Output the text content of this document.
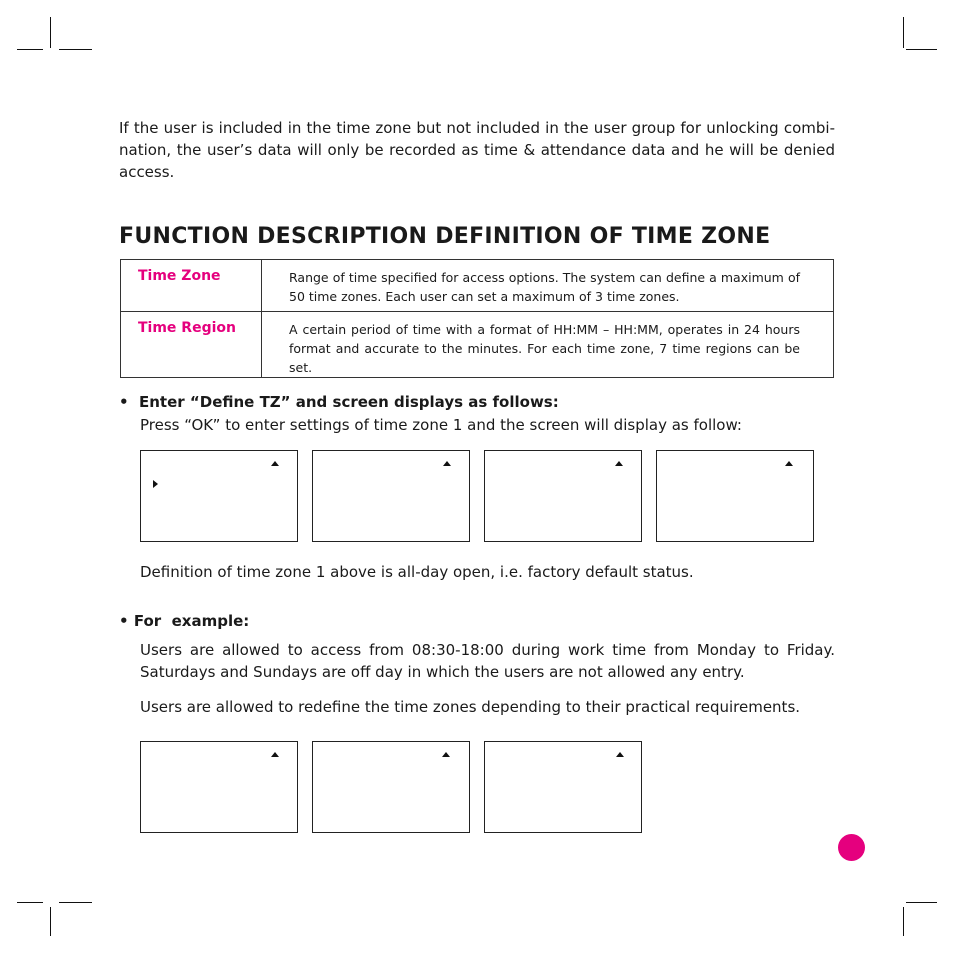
If the user is included in the time zone but not included in the user group for unlocking combi-nation, the user’s data will only be recorded as time & attendance data and he will be denied access.

FUNCTION DESCRIPTION DEFINITION OF TIME ZONE
Time Zone	Range of time specified for access options. The system can define a maximum of 50 time zones. Each user can set a maximum of 3 time zones.
Time Region	A certain period of time with a format of HH:MM – HH:MM, operates in 24 hours format and accurate to the minutes. For each time zone, 7 time regions can be set.
• Enter “Define TZ” and screen displays as follows:

Press “OK” to enter settings of time zone 1 and the screen will display as follow:

Definition of time zone 1 above is all-day open, i.e. factory default status.

• For  example:

Users are allowed to access from 08:30-18:00 during work time from Monday to Friday. Saturdays and Sundays are off day in which the users are not allowed any entry.

Users are allowed to redefine the time zones depending to their practical requirements.
